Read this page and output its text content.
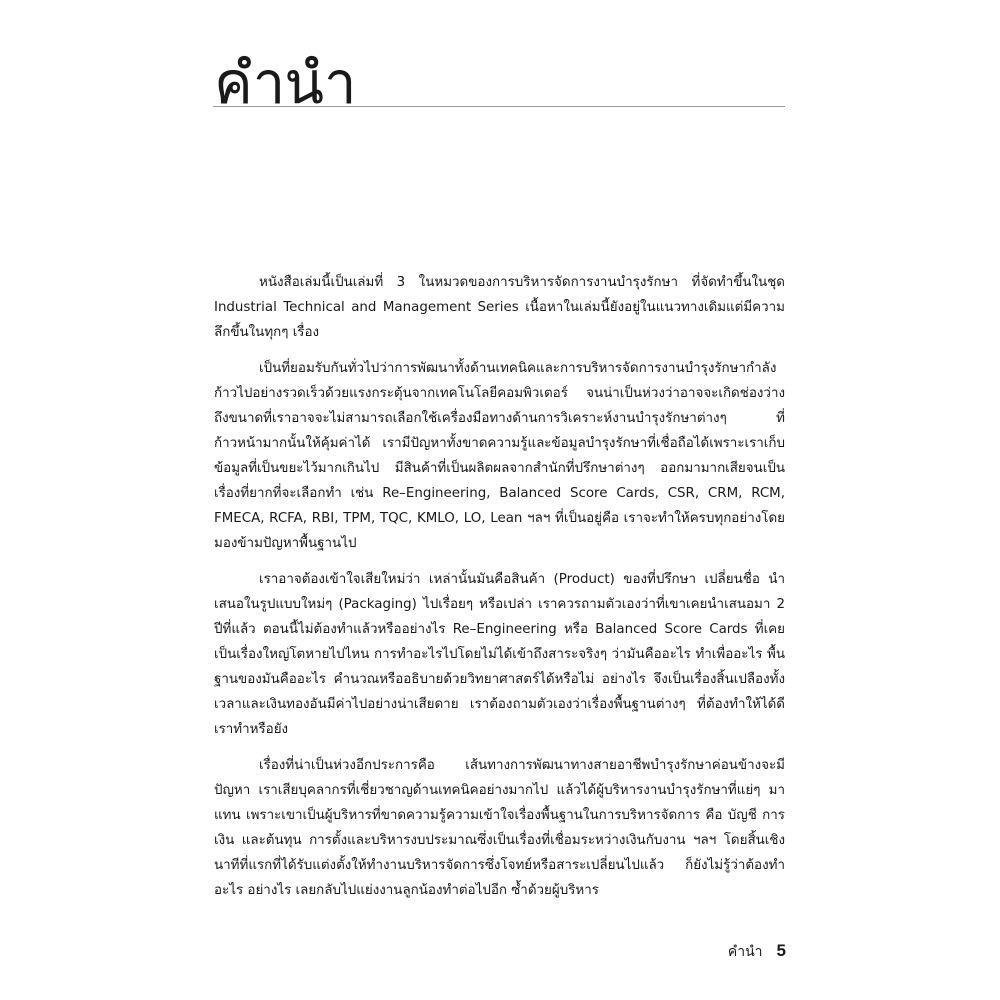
คำนำ

หนังสือเล่มนี้เป็นเล่มที่ 3 ในหมวดของการบริหารจัดการงานบำรุงรักษา ที่จัดทำขึ้นในชุด Industrial Technical and Management Series เนื้อหาในเล่มนี้ยังอยู่ในแนวทางเดิมแต่มีความลึกขึ้นในทุกๆ เรื่อง

เป็นที่ยอมรับกันทั่วไปว่าการพัฒนาทั้งด้านเทคนิคและการบริหารจัดการงานบำรุงรักษากำลังก้าวไปอย่างรวดเร็วด้วยแรงกระตุ้นจากเทคโนโลยีคอมพิวเตอร์ จนน่าเป็นห่วงว่าอาจจะเกิดช่องว่างถึงขนาดที่เราอาจจะไม่สามารถเลือกใช้เครื่องมือทางด้านการวิเคราะห์งานบำรุงรักษาต่างๆ ที่ก้าวหน้ามากนั้นให้คุ้มค่าได้ เรามีปัญหาทั้งขาดความรู้และข้อมูลบำรุงรักษาที่เชื่อถือได้เพราะเราเก็บข้อมูลที่เป็นขยะไว้มากเกินไป มีสินค้าที่เป็นผลิตผลจากสำนักที่ปรึกษาต่างๆ ออกมามากเสียจนเป็นเรื่องที่ยากที่จะเลือกทำ เช่น Re–Engineering, Balanced Score Cards, CSR, CRM, RCM, FMECA, RCFA, RBI, TPM, TQC, KMLO, LO, Lean ฯลฯ ที่เป็นอยู่คือ เราจะทำให้ครบทุกอย่างโดยมองข้ามปัญหาพื้นฐานไป

เราอาจต้องเข้าใจเสียใหม่ว่า เหล่านั้นมันคือสินค้า (Product) ของที่ปรึกษา เปลี่ยนชื่อ นำเสนอในรูปแบบใหม่ๆ (Packaging) ไปเรื่อยๆ หรือเปล่า เราควรถามตัวเองว่าที่เขาเคยนำเสนอมา 2 ปีที่แล้ว ตอนนี้ไม่ต้องทำแล้วหรืออย่างไร Re–Engineering หรือ Balanced Score Cards ที่เคยเป็นเรื่องใหญ่โตหายไปไหน การทำอะไรไปโดยไม่ได้เข้าถึงสาระจริงๆ ว่ามันคืออะไร ทำเพื่ออะไร พื้นฐานของมันคืออะไร คำนวณหรืออธิบายด้วยวิทยาศาสตร์ได้หรือไม่ อย่างไร จึงเป็นเรื่องสิ้นเปลืองทั้งเวลาและเงินทองอันมีค่าไปอย่างน่าเสียดาย เราต้องถามตัวเองว่าเรื่องพื้นฐานต่างๆ ที่ต้องทำให้ได้ดีเราทำหรือยัง

เรื่องที่น่าเป็นห่วงอีกประการคือ เส้นทางการพัฒนาทางสายอาชีพบำรุงรักษาค่อนข้างจะมีปัญหา เราเสียบุคลากรที่เชี่ยวชาญด้านเทคนิคอย่างมากไป แล้วได้ผู้บริหารงานบำรุงรักษาที่แย่ๆ มาแทน เพราะเขาเป็นผู้บริหารที่ขาดความรู้ความเข้าใจเรื่องพื้นฐานในการบริหารจัดการ คือ บัญชี การเงิน และต้นทุน การตั้งและบริหารงบประมาณซึ่งเป็นเรื่องที่เชื่อมระหว่างเงินกับงาน ฯลฯ โดยสิ้นเชิง นาทีที่แรกที่ได้รับแต่งตั้งให้ทำงานบริหารจัดการซึ่งโจทย์หรือสาระเปลี่ยนไปแล้ว ก็ยังไม่รู้ว่าต้องทำอะไร อย่างไร เลยกลับไปแย่งงานลูกน้องทำต่อไปอีก ซ้ำด้วยผู้บริหาร

คำนำ 5
